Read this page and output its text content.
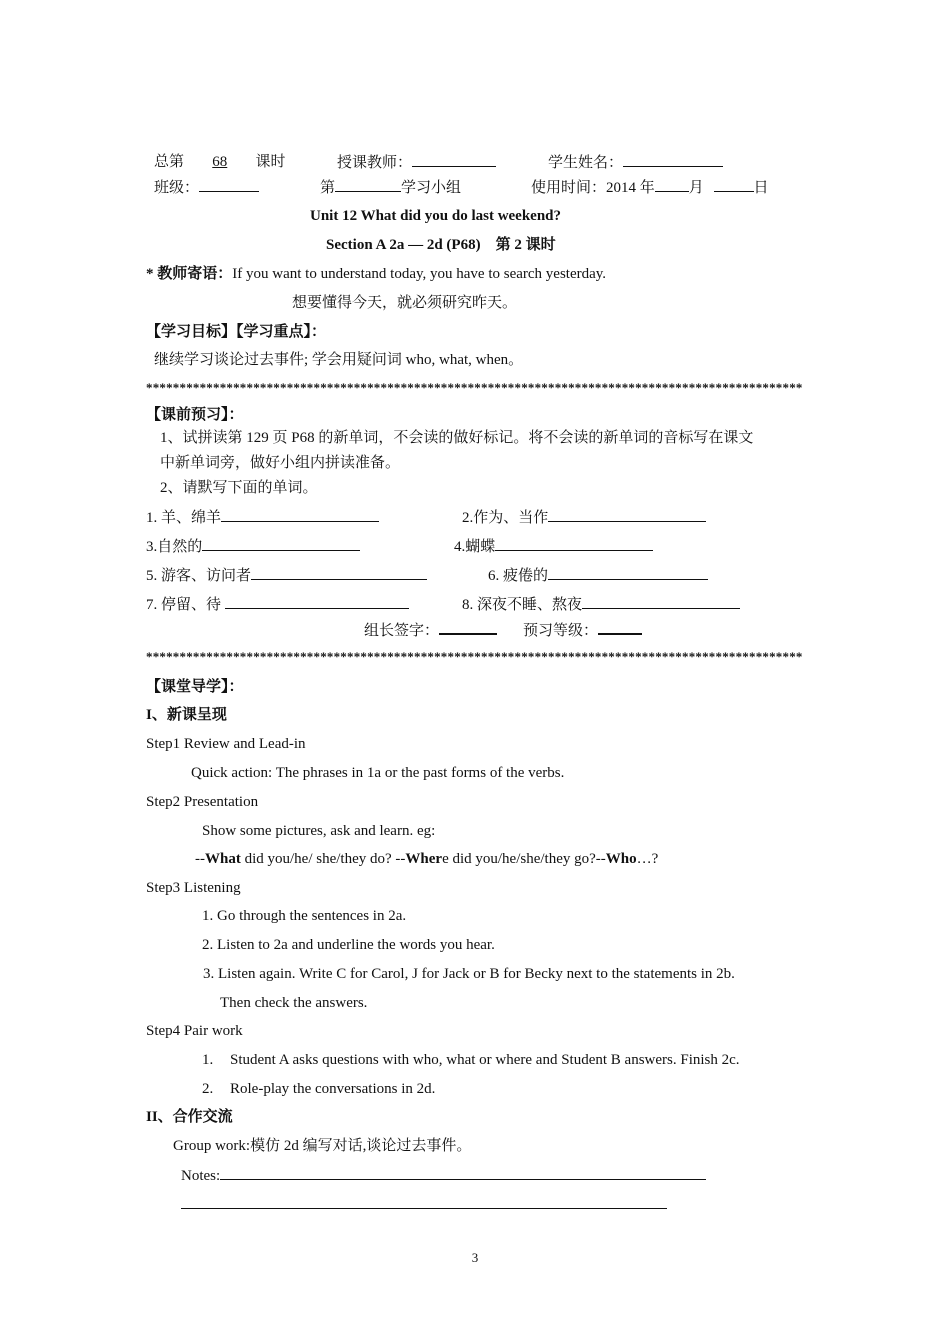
总第 68 课时	授课教师：	学生姓名：
班级：	第	学习小组	使用时间：2014 年 月	日
Unit 12 What did you do last weekend?
Section A 2a — 2d (P68)　第 2 课时
* 教师寄语：If you want to understand today, you have to search yesterday.
想要懂得今天，就必须研究昨天。
【学习目标】【学习重点】：
继续学习谈论过去事件; 学会用疑问词 who, what, when。
**************************************************************************************************
【课前预习】：
1、试拼读第 129 页 P68 的新单词，不会读的做好标记。将不会读的新单词的音标写在课文
中新单词旁，做好小组内拼读准备。
2、请默写下面的单词。
1. 羊、绵羊	2.作为、当作
3.自然的	4.蝴蝶
5. 游客、访问者	6. 疲倦的
7. 停留、待	8. 深夜不睡、熬夜
组长签字：	预习等级：
**************************************************************************************************
【课堂导学】：
I、新课呈现
Step1 Review and Lead-in
Quick action: The phrases in 1a or the past forms of the verbs.
Step2 Presentation
Show some pictures, ask and learn. eg:
--What did you/he/ she/they do? --Where did you/he/she/they go?--Who…?
Step3 Listening
1. Go through the sentences in 2a.
2. Listen to 2a and underline the words you hear.
3. Listen again. Write C for Carol, J for Jack or B for Becky next to the statements in 2b.
Then check the answers.
Step4 Pair work
1. Student A asks questions with who, what or where and Student B answers. Finish 2c.
2. Role-play the conversations in 2d.
II、合作交流
Group work:模仿 2d 编写对话,谈论过去事件。
Notes:
3
